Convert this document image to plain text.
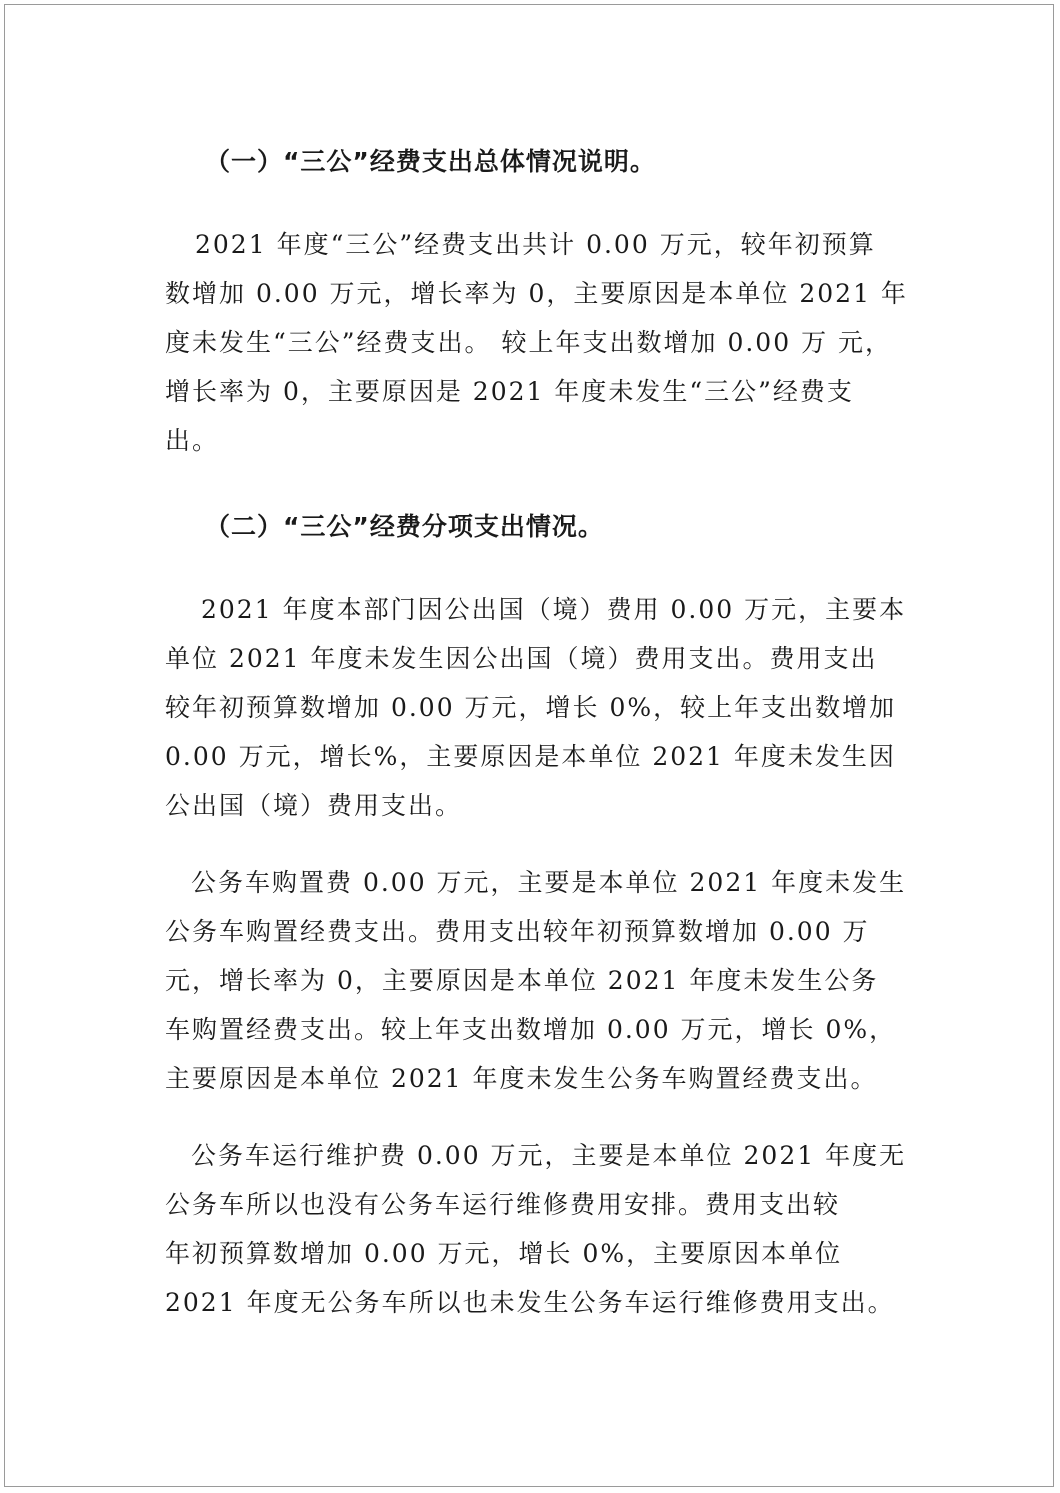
（一）“三公”经费支出总体情况说明。

2021 年度“三公”经费支出共计 0.00 万元，较年初预算
数增加 0.00 万元，增长率为 0，主要原因是本单位 2021 年
度未发生“三公”经费支出。 较上年支出数增加 0.00 万 元，
增长率为 0，主要原因是 2021 年度未发生“三公”经费支
出。

（二）“三公”经费分项支出情况。

2021 年度本部门因公出国（境）费用 0.00 万元，主要本
单位 2021 年度未发生因公出国（境）费用支出。费用支出
较年初预算数增加 0.00 万元，增长 0%，较上年支出数增加
0.00 万元，增长%，主要原因是本单位 2021 年度未发生因
公出国（境）费用支出。

公务车购置费 0.00 万元，主要是本单位 2021 年度未发生
公务车购置经费支出。费用支出较年初预算数增加 0.00 万
元，增长率为 0，主要原因是本单位 2021 年度未发生公务
车购置经费支出。较上年支出数增加 0.00 万元，增长 0%，
主要原因是本单位 2021 年度未发生公务车购置经费支出。

公务车运行维护费 0.00 万元，主要是本单位 2021 年度无
公务车所以也没有公务车运行维修费用安排。费用支出较
年初预算数增加 0.00 万元，增长 0%，主要原因本单位
2021 年度无公务车所以也未发生公务车运行维修费用支出。
